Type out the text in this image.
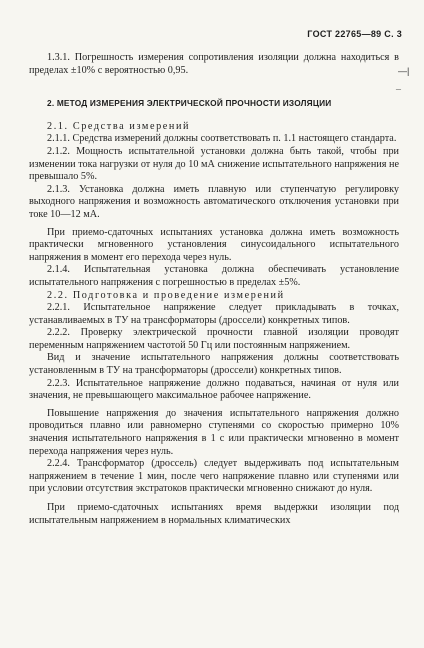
ГОСТ 22765—89 С. 3

1.3.1. Погрешность измерения сопротивления изоляции должна находиться в пределах ±10% с вероятностью 0,95.

2. МЕТОД ИЗМЕРЕНИЯ ЭЛЕКТРИЧЕСКОЙ ПРОЧНОСТИ ИЗОЛЯЦИИ

2.1. Средства измерений

2.1.1. Средства измерений должны соответствовать п. 1.1 настоящего стандарта.

2.1.2. Мощность испытательной установки должна быть такой, чтобы при изменении тока нагрузки от нуля до 10 мА снижение испытательного напряжения не превышало 5%.

2.1.3. Установка должна иметь плавную или ступенчатую регулировку выходного напряжения и возможность автоматического отключения установки при токе 10—12 мА.

При приемо-сдаточных испытаниях установка должна иметь возможность практически мгновенного установления синусоидального испытательного напряжения в момент его перехода через нуль.

2.1.4. Испытательная установка должна обеспечивать установление испытательного напряжения с погрешностью в пределах ±5%.

2.2. Подготовка и проведение измерений

2.2.1. Испытательное напряжение следует прикладывать в точках, устанавливаемых в ТУ на трансформаторы (дроссели) конкретных типов.

2.2.2. Проверку электрической прочности главной изоляции проводят переменным напряжением частотой 50 Гц или постоянным напряжением.

Вид и значение испытательного напряжения должны соответствовать установленным в ТУ на трансформаторы (дроссели) конкретных типов.

2.2.3. Испытательное напряжение должно подаваться, начиная от нуля или значения, не превышающего максимальное рабочее напряжение.

Повышение напряжения до значения испытательного напряжения должно проводиться плавно или равномерно ступенями со скоростью примерно 10% значения испытательного напряжения в 1 с или практически мгновенно в момент перехода напряжения через нуль.

2.2.4. Трансформатор (дроссель) следует выдерживать под испытательным напряжением в течение 1 мин, после чего напряжение плавно или ступенями или при условии отсутствия экстратоков практически мгновенно снижают до нуля.

При приемо-сдаточных испытаниях время выдержки изоляции под испытательным напряжением в нормальных климатических

—|
¯
